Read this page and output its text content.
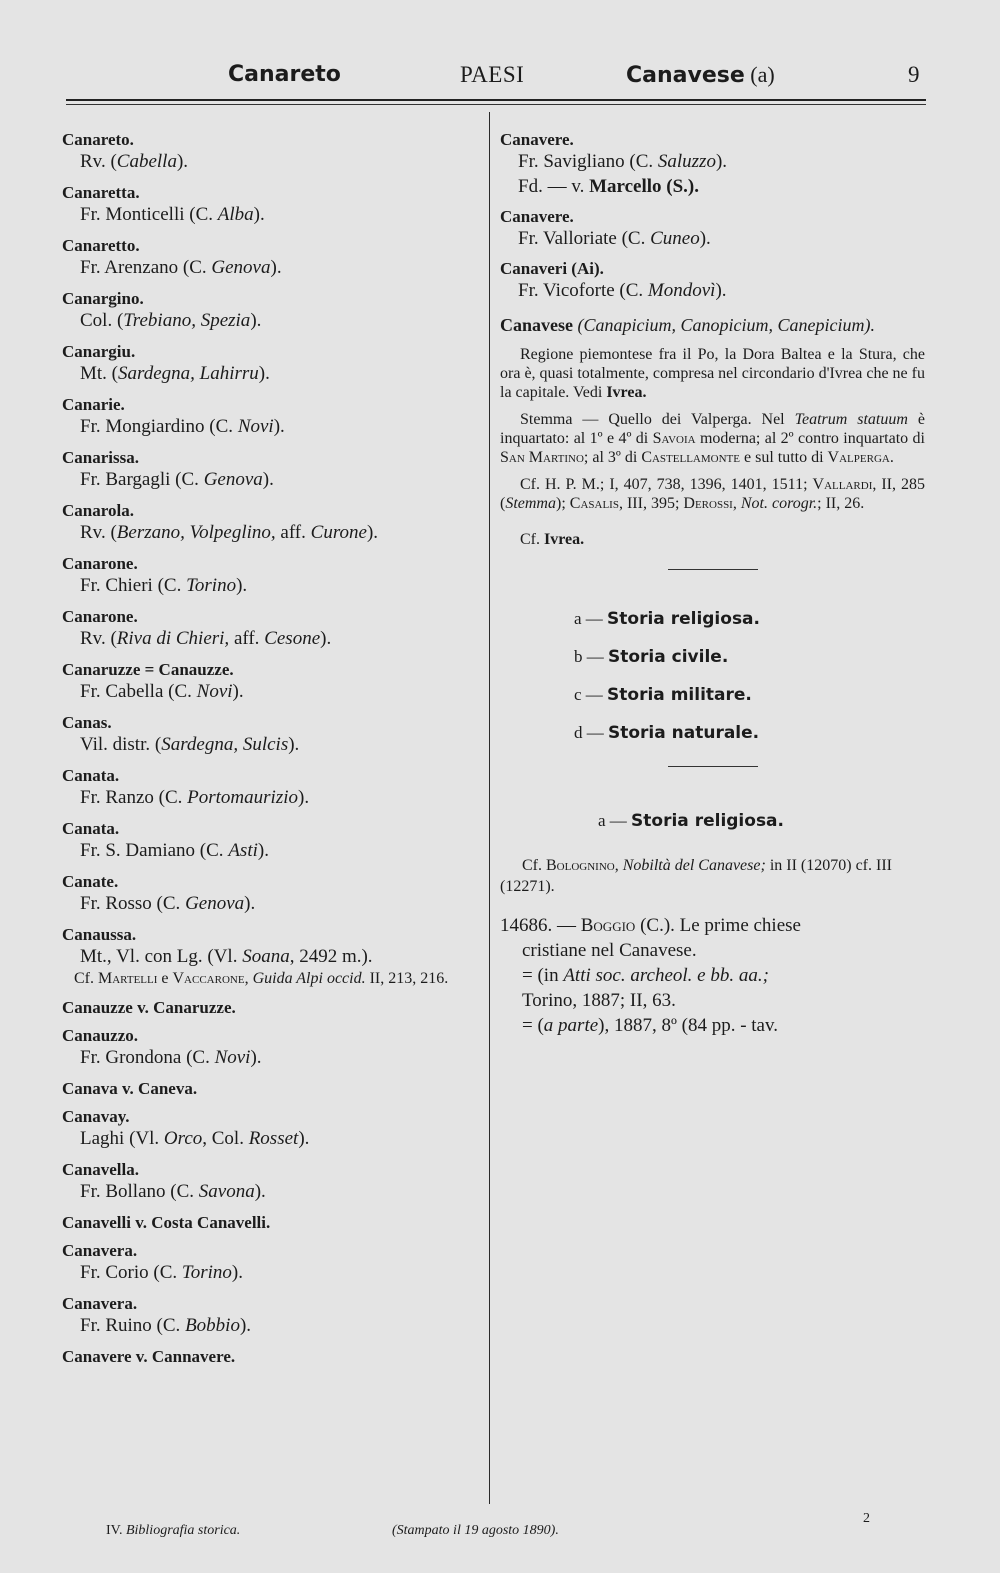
Canareto	PAESI	Canavese (a)	9
Canareto.
Rv. (Cabella).
Canaretta.
Fr. Monticelli (C. Alba).
Canaretto.
Fr. Arenzano (C. Genova).
Canargino.
Col. (Trebiano, Spezia).
Canargiu.
Mt. (Sardegna, Lahirru).
Canarie.
Fr. Mongiardino (C. Novi).
Canarissa.
Fr. Bargagli (C. Genova).
Canarola.
Rv. (Berzano, Volpeglino, aff. Curone).
Canarone.
Fr. Chieri (C. Torino).
Canarone.
Rv. (Riva di Chieri, aff. Cesone).
Canaruzze = Canauzze.
Fr. Cabella (C. Novi).
Canas.
Vil. distr. (Sardegna, Sulcis).
Canata.
Fr. Ranzo (C. Portomaurizio).
Canata.
Fr. S. Damiano (C. Asti).
Canate.
Fr. Rosso (C. Genova).
Canaussa.
Mt., Vl. con Lg. (Vl. Soana, 2492 m.).
Cf. Martelli e Vaccarone, Guida Alpi occid. II, 213, 216.
Canauzze v. Canaruzze.
Canauzzo.
Fr. Grondona (C. Novi).
Canava v. Caneva.
Canavay.
Laghi (Vl. Orco, Col. Rosset).
Canavella.
Fr. Bollano (C. Savona).
Canavelli v. Costa Canavelli.
Canavera.
Fr. Corio (C. Torino).
Canavera.
Fr. Ruino (C. Bobbio).
Canavere v. Cannavere.
Canavere.
Fr. Savigliano (C. Saluzzo).
Fd. — v. Marcello (S.).
Canavere.
Fr. Valloriate (C. Cuneo).
Canaveri (Ai).
Fr. Vicoforte (C. Mondovì).
Canavese (Canapicium, Canopicium, Canepicium).
Regione piemontese fra il Po, la Dora Baltea e la Stura, che ora è, quasi totalmente, compresa nel circondario d'Ivrea che ne fu la capitale. Vedi Ivrea.
Stemma — Quello dei Valperga. Nel Teatrum statuum è inquartato: al 1º e 4º di Savoia moderna; al 2º contro inquartato di San Martino; al 3º di Castellamonte e sul tutto di Valperga.
Cf. H. P. M.; I, 407, 738, 1396, 1401, 1511; Vallardi, II, 285 (Stemma); Casalis, III, 395; Derossi, Not. corogr.; II, 26.
Cf. Ivrea.
a — Storia religiosa.
b — Storia civile.
c — Storia militare.
d — Storia naturale.
a — Storia religiosa.
Cf. Bolognino, Nobiltà del Canavese; in II (12070) cf. III (12271).
14686. — Boggio (C.). Le prime chiese
cristiane nel Canavese.
= (in Atti soc. archeol. e bb. aa.;
Torino, 1887; II, 63.
= (a parte), 1887, 8º (84 pp. - tav.
IV. Bibliografia storica.	(Stampato il 19 agosto 1890).
2
